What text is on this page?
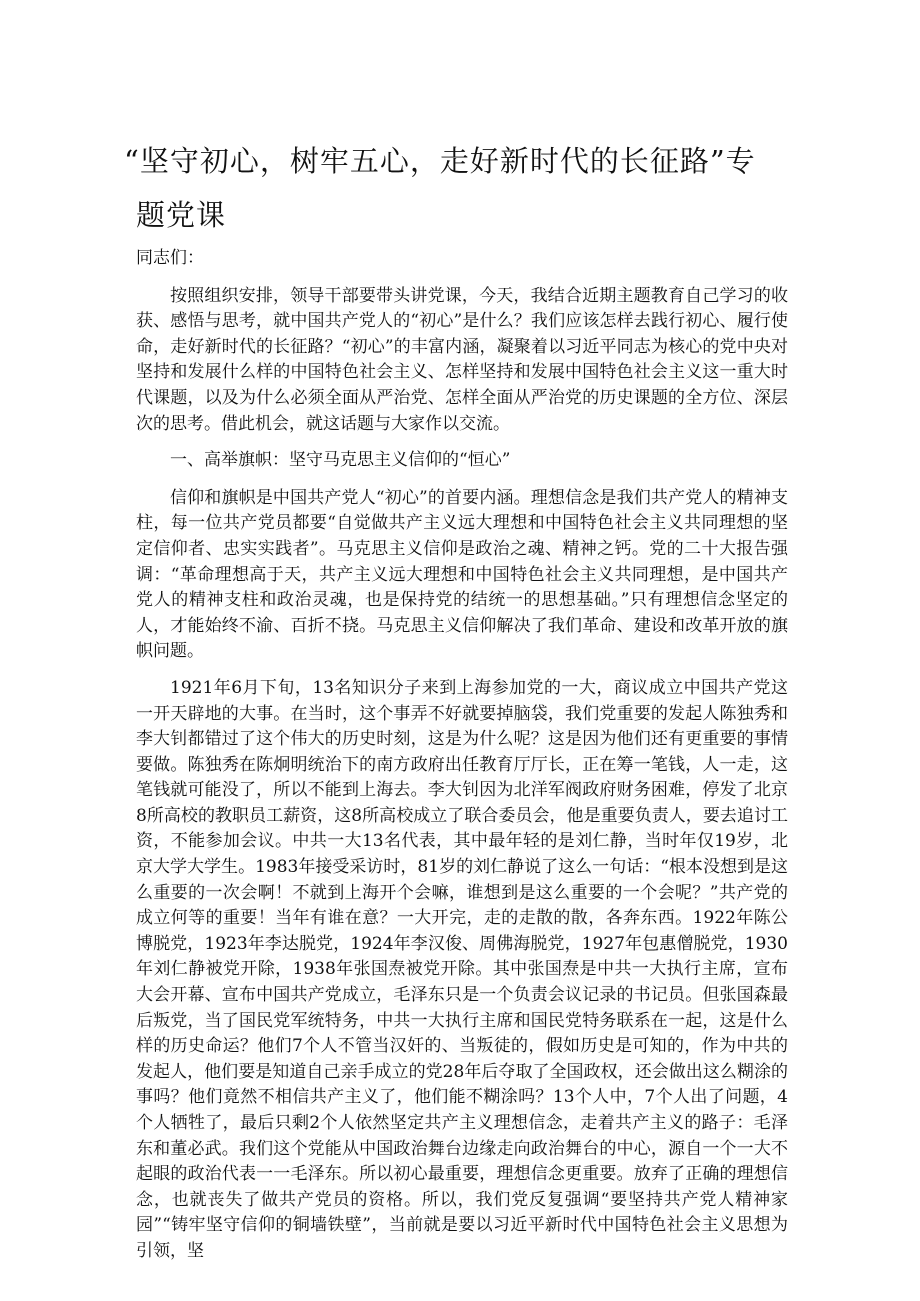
“坚守初心，树牢五心，走好新时代的长征路”专题党课

同志们：

按照组织安排，领导干部要带头讲党课，今天，我结合近期主题教育自己学习的收获、感悟与思考，就中国共产党人的“初心”是什么？我们应该怎样去践行初心、履行使命，走好新时代的长征路？“初心”的丰富内涵，凝聚着以习近平同志为核心的党中央对坚持和发展什么样的中国特色社会主义、怎样坚持和发展中国特色社会主义这一重大时代课题，以及为什么必须全面从严治党、怎样全面从严治党的历史课题的全方位、深层次的思考。借此机会，就这话题与大家作以交流。

一、高举旗帜：坚守马克思主义信仰的“恒心”

信仰和旗帜是中国共产党人“初心”的首要内涵。理想信念是我们共产党人的精神支柱，每一位共产党员都要“自觉做共产主义远大理想和中国特色社会主义共同理想的坚定信仰者、忠实实践者”。马克思主义信仰是政治之魂、精神之钙。党的二十大报告强调：“革命理想高于天，共产主义远大理想和中国特色社会主义共同理想，是中国共产党人的精神支柱和政治灵魂，也是保持党的结统一的思想基础。”只有理想信念坚定的人，才能始终不渝、百折不挠。马克思主义信仰解决了我们革命、建设和改革开放的旗帜问题。

1921年6月下旬，13名知识分子来到上海参加党的一大，商议成立中国共产党这一开天辟地的大事。在当时，这个事弄不好就要掉脑袋，我们党重要的发起人陈独秀和李大钊都错过了这个伟大的历史时刻，这是为什么呢？这是因为他们还有更重要的事情要做。陈独秀在陈炯明统治下的南方政府出任教育厅厅长，正在筹一笔钱，人一走，这笔钱就可能没了，所以不能到上海去。李大钊因为北洋军阀政府财务困难，停发了北京8所高校的教职员工薪资，这8所高校成立了联合委员会，他是重要负责人，要去追讨工资，不能参加会议。中共一大13名代表，其中最年轻的是刘仁静，当时年仅19岁，北京大学大学生。1983年接受采访时，81岁的刘仁静说了这么一句话：“根本没想到是这么重要的一次会啊！不就到上海开个会嘛，谁想到是这么重要的一个会呢？”共产党的成立何等的重要！当年有谁在意？一大开完，走的走散的散，各奔东西。1922年陈公博脱党，1923年李达脱党，1924年李汉俊、周佛海脱党，1927年包惠僧脱党，1930年刘仁静被党开除，1938年张国焘被党开除。其中张国焘是中共一大执行主席，宣布大会开幕、宣布中国共产党成立，毛泽东只是一个负责会议记录的书记员。但张国森最后叛党，当了国民党军统特务，中共一大执行主席和国民党特务联系在一起，这是什么样的历史命运？他们7个人不管当汉奸的、当叛徒的，假如历史是可知的，作为中共的发起人，他们要是知道自己亲手成立的党28年后夺取了全国政权，还会做出这么糊涂的事吗？他们竟然不相信共产主义了，他们能不糊涂吗？13个人中，7个人出了问题，4个人牺牲了，最后只剩2个人依然坚定共产主义理想信念，走着共产主义的路子：毛泽东和董必武。我们这个党能从中国政治舞台边缘走向政治舞台的中心，源自一个一大不起眼的政治代表一一毛泽东。所以初心最重要，理想信念更重要。放弃了正确的理想信念，也就丧失了做共产党员的资格。所以，我们党反复强调“要坚持共产党人精神家园”“铸牢坚守信仰的铜墙铁壁”，当前就是要以习近平新时代中国特色社会主义思想为引领，坚
